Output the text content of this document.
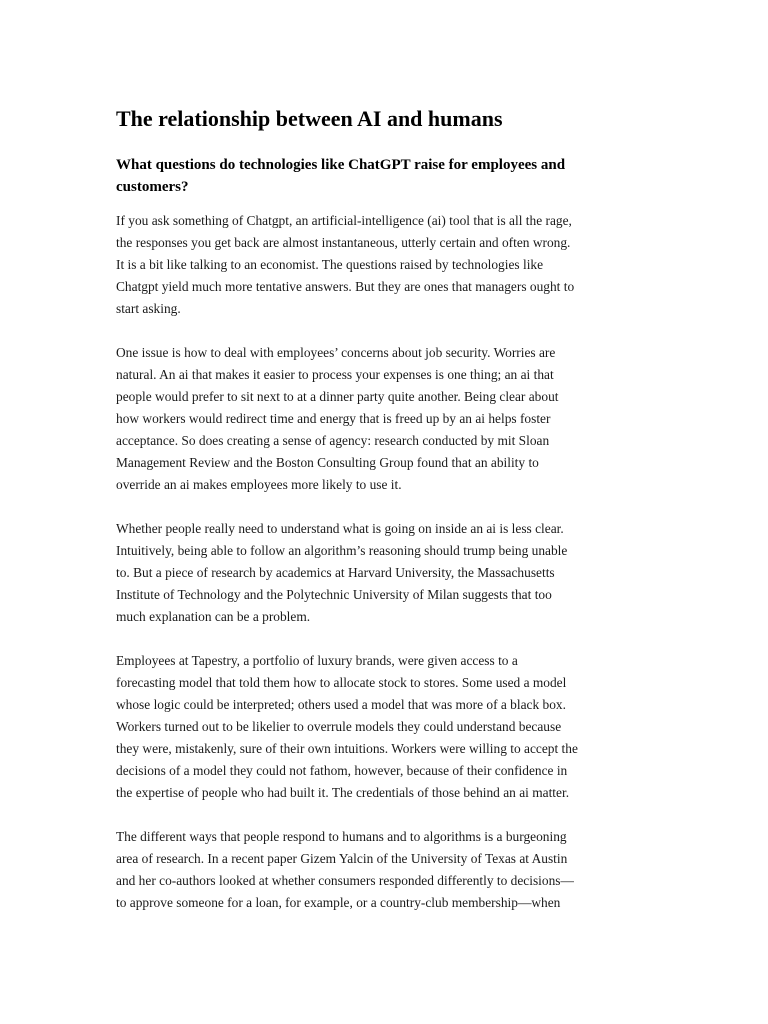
The relationship between AI and humans
What questions do technologies like ChatGPT raise for employees and
customers?

If you ask something of Chatgpt, an artificial-intelligence (ai) tool that is all the rage,
the responses you get back are almost instantaneous, utterly certain and often wrong.
It is a bit like talking to an economist. The questions raised by technologies like
Chatgpt yield much more tentative answers. But they are ones that managers ought to
start asking.

One issue is how to deal with employees’ concerns about job security. Worries are
natural. An ai that makes it easier to process your expenses is one thing; an ai that
people would prefer to sit next to at a dinner party quite another. Being clear about
how workers would redirect time and energy that is freed up by an ai helps foster
acceptance. So does creating a sense of agency: research conducted by mit Sloan
Management Review and the Boston Consulting Group found that an ability to
override an ai makes employees more likely to use it.

Whether people really need to understand what is going on inside an ai is less clear.
Intuitively, being able to follow an algorithm’s reasoning should trump being unable
to. But a piece of research by academics at Harvard University, the Massachusetts
Institute of Technology and the Polytechnic University of Milan suggests that too
much explanation can be a problem.

Employees at Tapestry, a portfolio of luxury brands, were given access to a
forecasting model that told them how to allocate stock to stores. Some used a model
whose logic could be interpreted; others used a model that was more of a black box.
Workers turned out to be likelier to overrule models they could understand because
they were, mistakenly, sure of their own intuitions. Workers were willing to accept the
decisions of a model they could not fathom, however, because of their confidence in
the expertise of people who had built it. The credentials of those behind an ai matter.

The different ways that people respond to humans and to algorithms is a burgeoning
area of research. In a recent paper Gizem Yalcin of the University of Texas at Austin
and her co-authors looked at whether consumers responded differently to decisions—
to approve someone for a loan, for example, or a country-club membership—when
